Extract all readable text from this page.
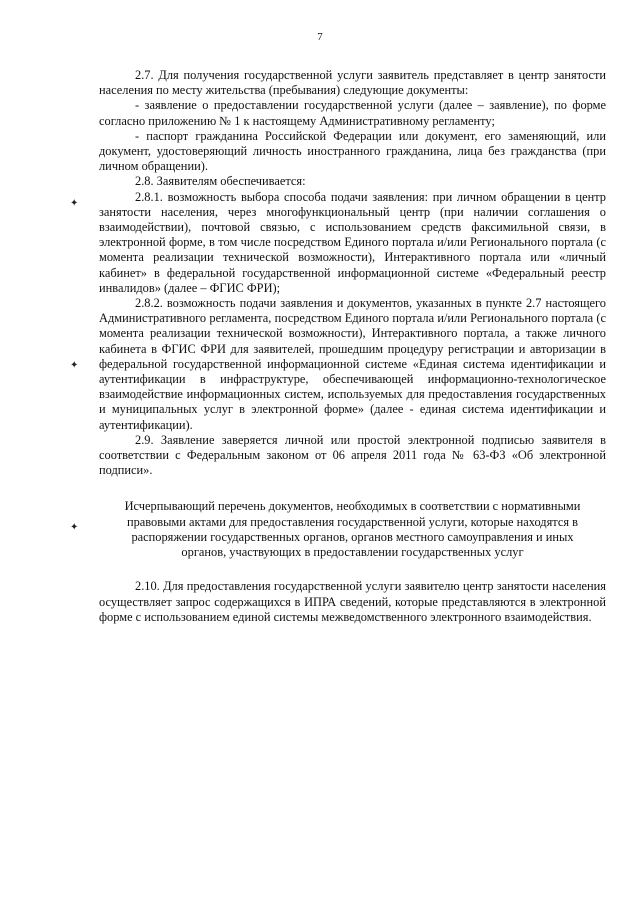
7
✦
✦
✦

2.7. Для получения государственной услуги заявитель представляет в центр занятости населения по месту жительства (пребывания) следующие документы:

- заявление о предоставлении государственной услуги (далее – заявление), по форме согласно приложению № 1 к настоящему Административному регламенту;

- паспорт гражданина Российской Федерации или документ, его заменяющий, или документ, удостоверяющий личность иностранного гражданина, лица без гражданства (при личном обращении).

2.8. Заявителям обеспечивается:

2.8.1. возможность выбора способа подачи заявления: при личном обращении в центр занятости населения, через многофункциональный центр (при наличии соглашения о взаимодействии), почтовой связью, с использованием средств факсимильной связи, в электронной форме, в том числе посредством Единого портала и/или Регионального портала (с момента реализации технической возможности), Интерактивного портала или «личный кабинет» в федеральной государственной информационной системе «Федеральный реестр инвалидов» (далее – ФГИС ФРИ);

2.8.2. возможность подачи заявления и документов, указанных в пункте 2.7 настоящего Административного регламента, посредством Единого портала и/или Регионального портала (с момента реализации технической возможности), Интерактивного портала, а также личного кабинета в ФГИС ФРИ для заявителей, прошедшим процедуру регистрации и авторизации в федеральной государственной информационной системе «Единая система идентификации и аутентификации в инфраструктуре, обеспечивающей информационно-технологическое взаимодействие информационных систем, используемых для предоставления государственных и муниципальных услуг в электронной форме» (далее - единая система идентификации и аутентификации).

2.9. Заявление заверяется личной или простой электронной подписью заявителя в соответствии с Федеральным законом от 06 апреля 2011 года № 63-ФЗ «Об электронной подписи».

Исчерпывающий перечень документов, необходимых в соответствии с нормативными правовыми актами для предоставления государственной услуги, которые находятся в распоряжении государственных органов, органов местного самоуправления и иных органов, участвующих в предоставлении государственных услуг

2.10. Для предоставления государственной услуги заявителю центр занятости населения осуществляет запрос содержащихся в ИПРА сведений, которые представляются в электронной форме с использованием единой системы межведомственного электронного взаимодействия.
